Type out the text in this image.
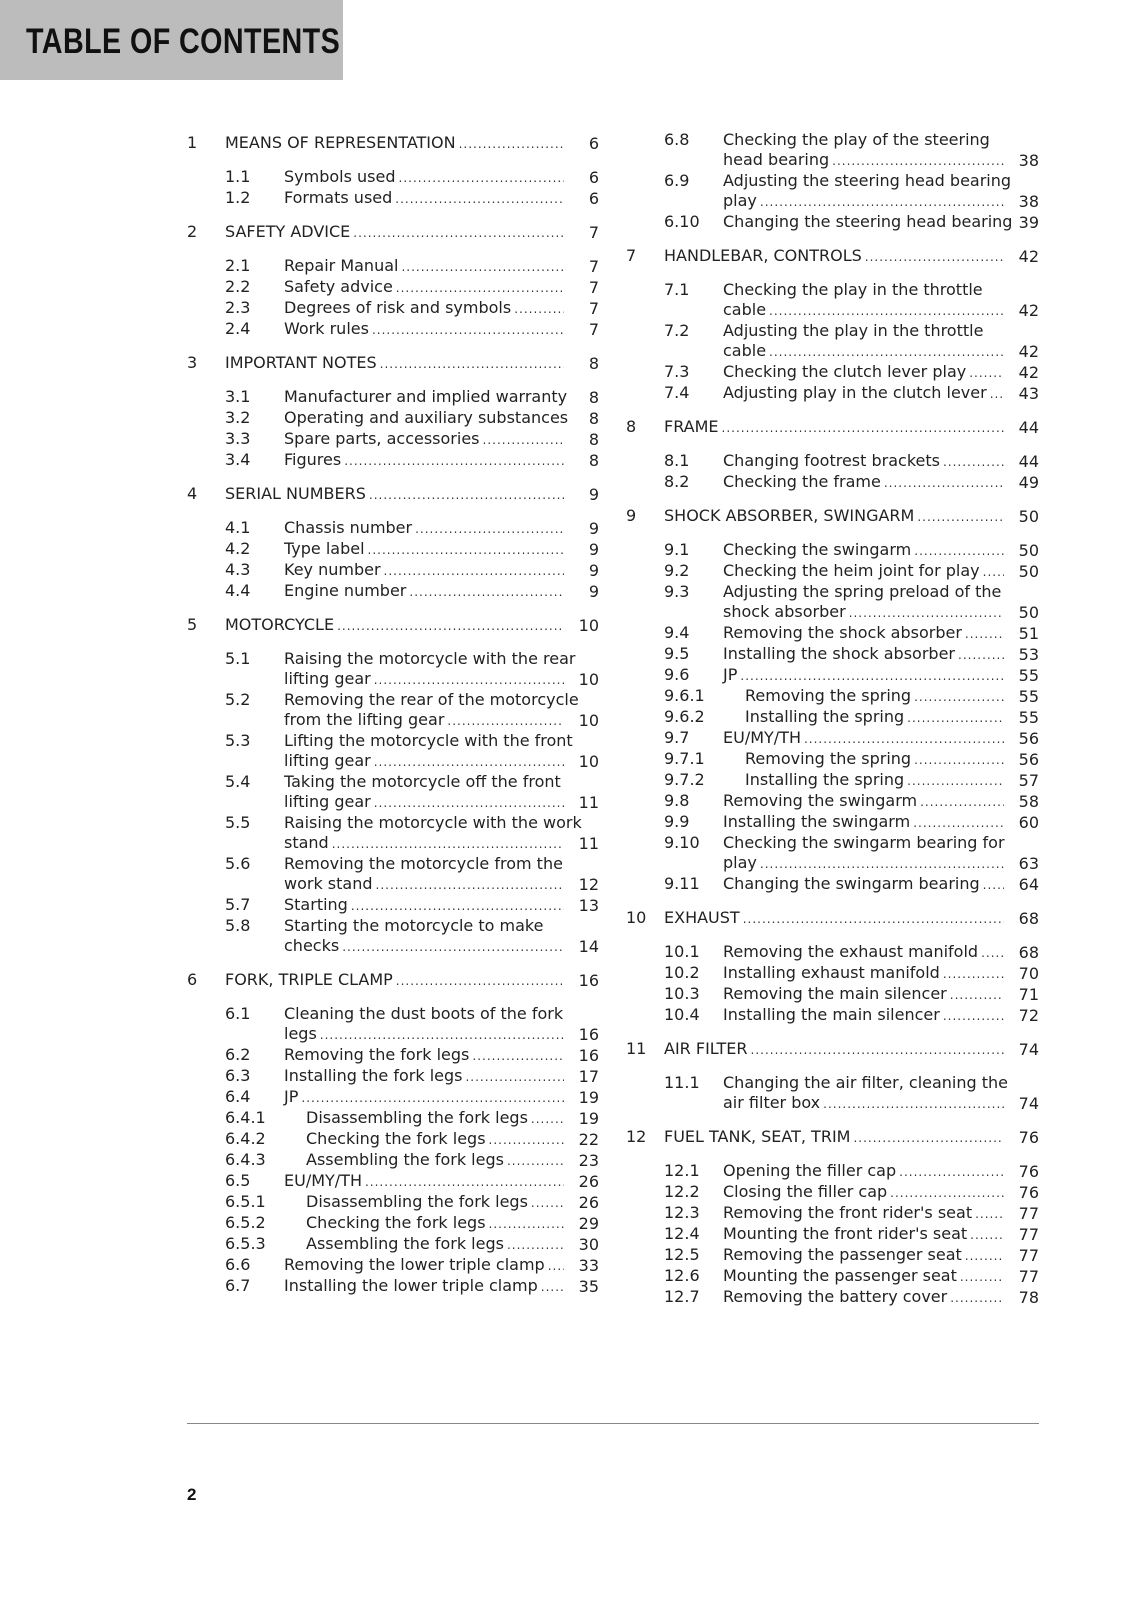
TABLE OF CONTENTS
1 MEANS OF REPRESENTATION .....	6
1.1 Symbols used .....	6
1.2 Formats used .....	6
2 SAFETY ADVICE .....	7
2.1 Repair Manual .....	7
2.2 Safety advice .....	7
2.3 Degrees of risk and symbols .....	7
2.4 Work rules .....	7
3 IMPORTANT NOTES .....	8
3.1 Manufacturer and implied warranty	8
3.2 Operating and auxiliary substances	8
3.3 Spare parts, accessories .....	8
3.4 Figures .....	8
4 SERIAL NUMBERS .....	9
4.1 Chassis number .....	9
4.2 Type label .....	9
4.3 Key number .....	9
4.4 Engine number .....	9
5 MOTORCYCLE .....	10
5.1 Raising the motorcycle with the rear
lifting gear .....	10
5.2 Removing the rear of the motorcycle
from the lifting gear .....	10
5.3 Lifting the motorcycle with the front
lifting gear .....	10
5.4 Taking the motorcycle off the front
lifting gear .....	11
5.5 Raising the motorcycle with the work
stand .....	11
5.6 Removing the motorcycle from the
work stand .....	12
5.7 Starting .....	13
5.8 Starting the motorcycle to make
checks .....	14
6 FORK, TRIPLE CLAMP .....	16
6.1 Cleaning the dust boots of the fork
legs .....	16
6.2 Removing the fork legs .....	16
6.3 Installing the fork legs .....	17
6.4 JP .....	19
6.4.1	Disassembling the fork legs .....	19
6.4.2	Checking the fork legs .....	22
6.4.3	Assembling the fork legs .....	23
6.5 EU/MY/TH .....	26
6.5.1	Disassembling the fork legs .....	26
6.5.2	Checking the fork legs .....	29
6.5.3	Assembling the fork legs .....	30
6.6 Removing the lower triple clamp .....	33
6.7 Installing the lower triple clamp .....	35
6.8 Checking the play of the steering
head bearing .....	38
6.9 Adjusting the steering head bearing
play .....	38
6.10 Changing the steering head bearing 39
7 HANDLEBAR, CONTROLS .....	42
7.1 Checking the play in the throttle
cable .....	42
7.2 Adjusting the play in the throttle
cable .....	42
7.3 Checking the clutch lever play .....	42
7.4 Adjusting play in the clutch lever .....	43
8 FRAME .....	44
8.1 Changing footrest brackets .....	44
8.2 Checking the frame .....	49
9 SHOCK ABSORBER, SWINGARM .....	50
9.1 Checking the swingarm .....	50
9.2 Checking the heim joint for play .....	50
9.3 Adjusting the spring preload of the
shock absorber .....	50
9.4 Removing the shock absorber .....	51
9.5 Installing the shock absorber .....	53
9.6 JP .....	55
9.6.1	Removing the spring .....	55
9.6.2	Installing the spring .....	55
9.7 EU/MY/TH .....	56
9.7.1	Removing the spring .....	56
9.7.2	Installing the spring .....	57
9.8 Removing the swingarm .....	58
9.9 Installing the swingarm .....	60
9.10 Checking the swingarm bearing for
play .....	63
9.11 Changing the swingarm bearing .....	64
10 EXHAUST .....	68
10.1 Removing the exhaust manifold .....	68
10.2 Installing exhaust manifold .....	70
10.3 Removing the main silencer .....	71
10.4 Installing the main silencer .....	72
11 AIR FILTER .....	74
11.1 Changing the air filter, cleaning the
air filter box .....	74
12 FUEL TANK, SEAT, TRIM .....	76
12.1 Opening the filler cap .....	76
12.2 Closing the filler cap .....	76
12.3 Removing the front rider's seat .....	77
12.4 Mounting the front rider's seat .....	77
12.5 Removing the passenger seat .....	77
12.6 Mounting the passenger seat .....	77
12.7 Removing the battery cover .....	78
2
